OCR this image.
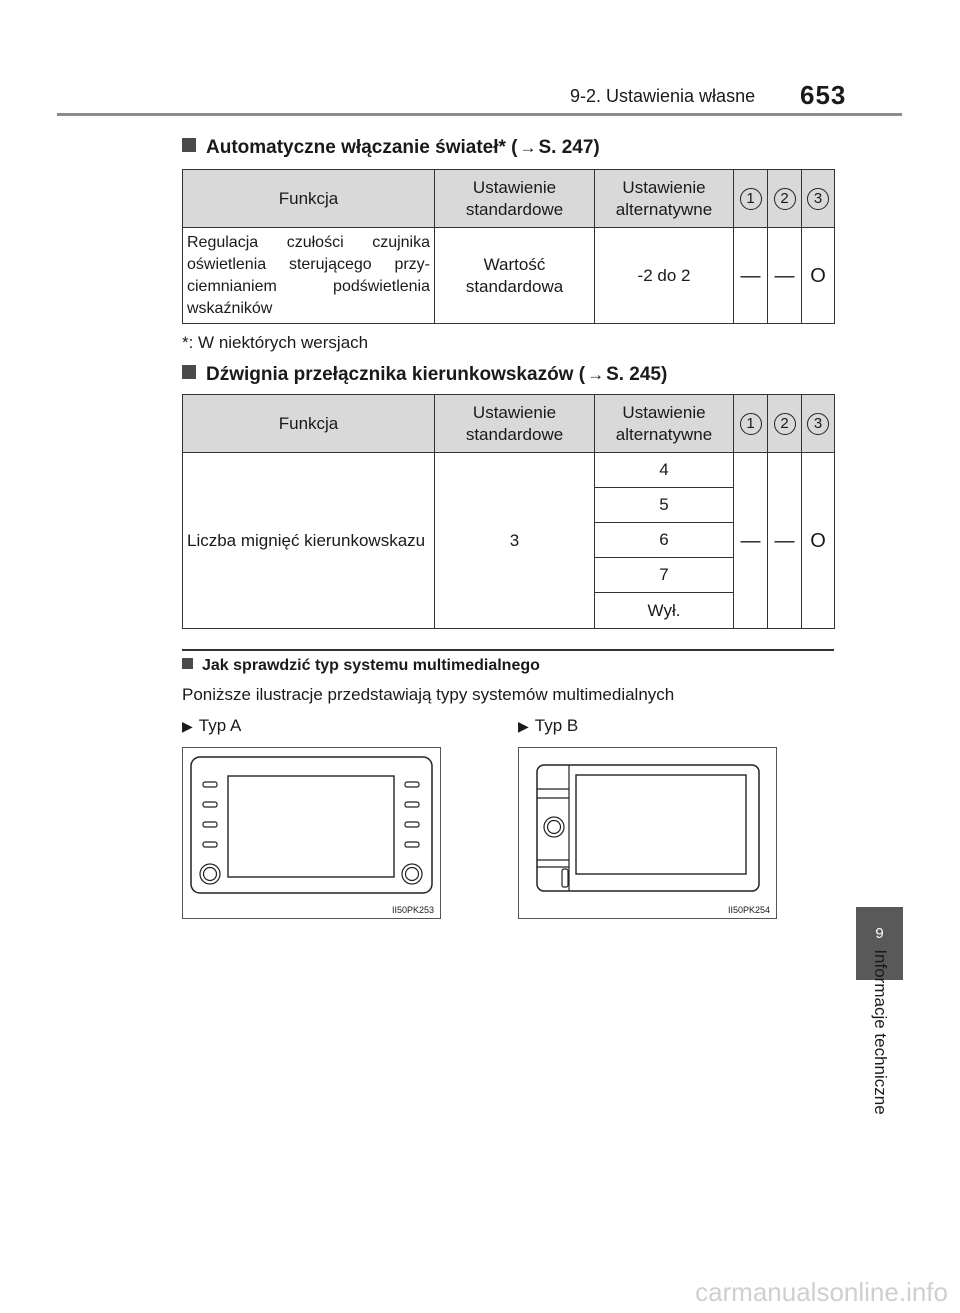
9-2. Ustawienia własne 653
Automatyczne włączanie świateł* ( → S. 247)
Funkcja	Ustawienie standardowe	Ustawienie alternatywne	1	2	3
Regulacja czułości czujnika oświetlenia sterującego przyciemnianiem podświetlenia wskaźników	Wartość standardowa	-2 do 2	—	—	O
*: W niektórych wersjach
Dźwignia przełącznika kierunkowskazów ( → S. 245)
Funkcja	Ustawienie standardowe	Ustawienie alternatywne	1	2	3
Liczba mignięć kierunkowskazu	3	4	—	—	O
		5			
		6			
		7			
		Wył.			
Jak sprawdzić typ systemu multimedialnego
Poniższe ilustracje przedstawiają typy systemów multimedialnych
▶ Typ A	▶ Typ B
II50PK253	II50PK254
9
Informacje techniczne
carmanualsonline.info
